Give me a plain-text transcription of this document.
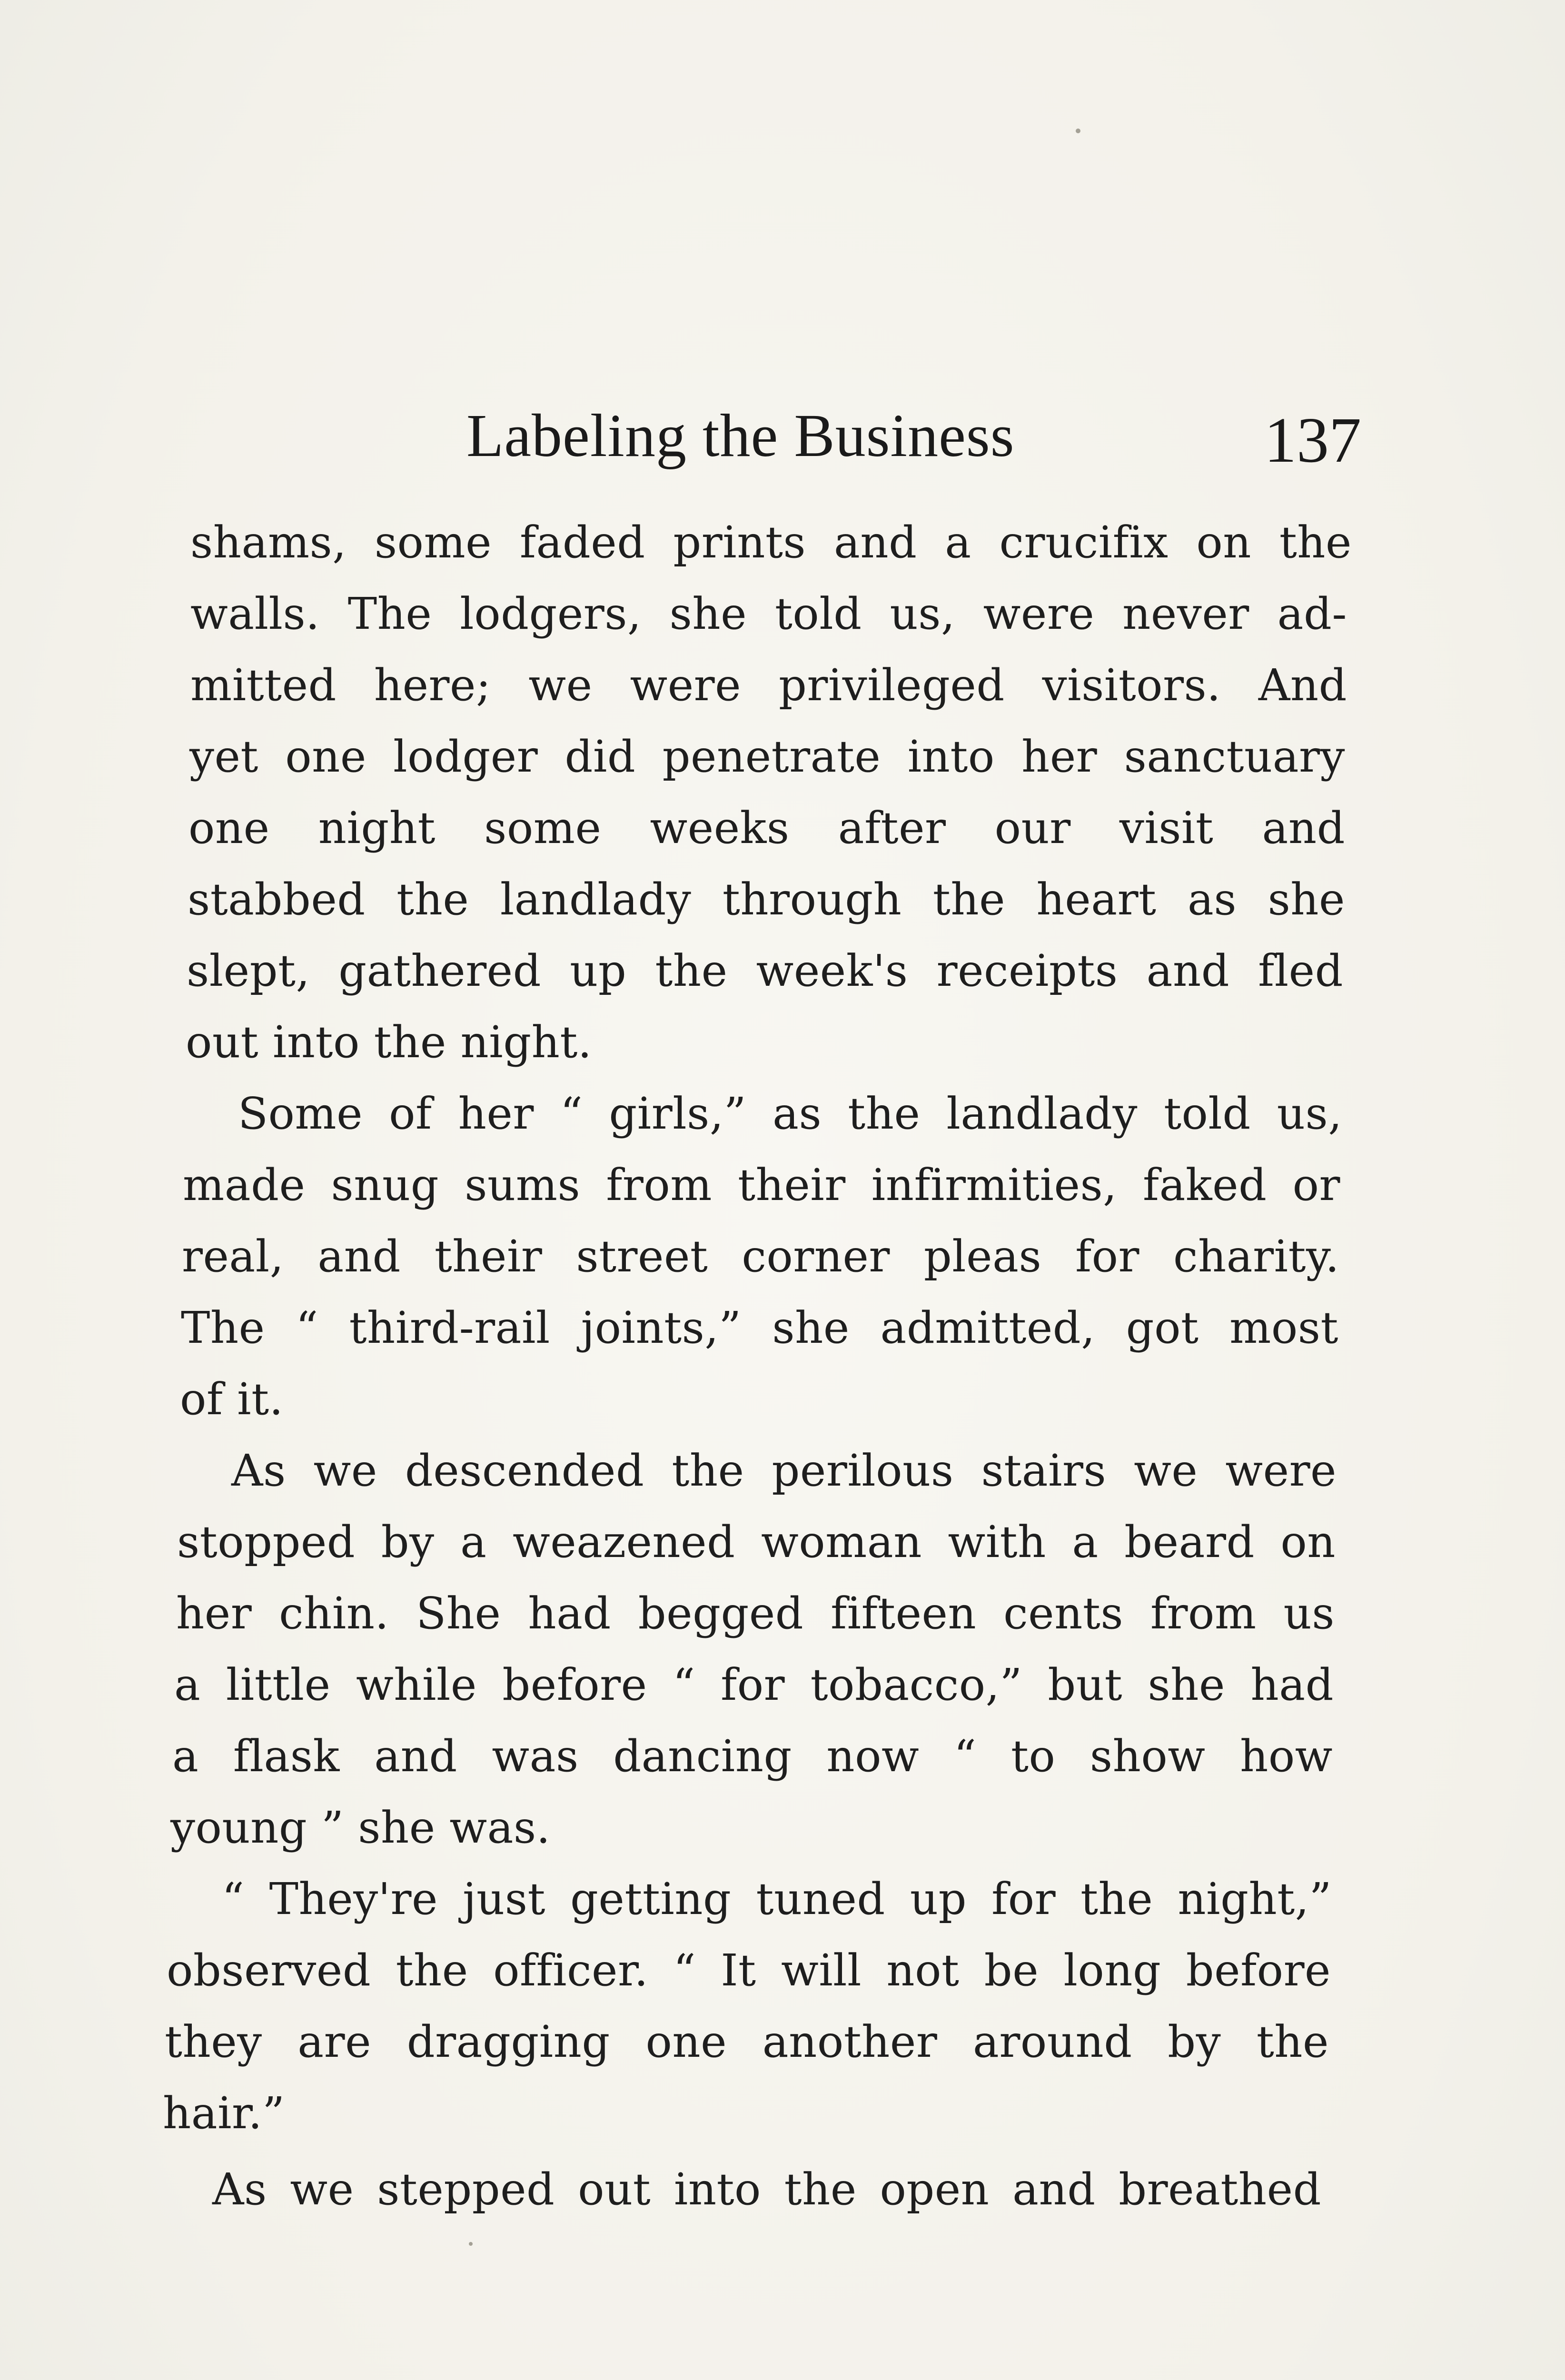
Labeling the Business	137
shams, some faded prints and a crucifix on the
walls. The lodgers, she told us, were never ad-
mitted here; we were privileged visitors. And
yet one lodger did penetrate into her sanctuary
one night some weeks after our visit and
stabbed the landlady through the heart as she
slept, gathered up the week's receipts and fled
out into the night.
Some of her “ girls,” as the landlady told us,
made snug sums from their infirmities, faked or
real, and their street corner pleas for charity.
The “ third-rail joints,” she admitted, got most
of it.
As we descended the perilous stairs we were
stopped by a weazened woman with a beard on
her chin. She had begged fifteen cents from us
a little while before “ for tobacco,” but she had
a flask and was dancing now “ to show how
young ” she was.
“ They're just getting tuned up for the night,”
observed the officer. “ It will not be long before
they are dragging one another around by the
hair.”
As we stepped out into the open and breathed
